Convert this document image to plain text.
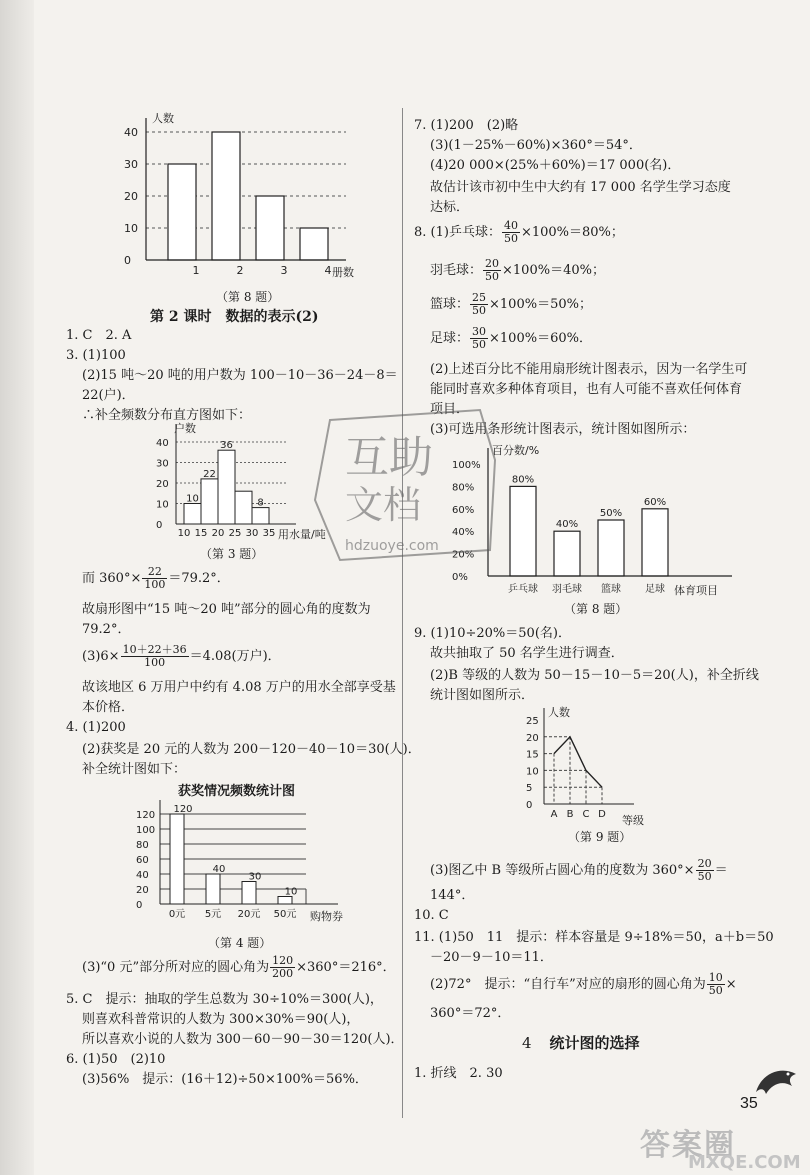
人数
册数
0
10
20
30
40
1	2	3	4
（第 8 题）
第 2 课时　数据的表示(2)
1. C　2. A
3. (1)100
(2)15 吨～20 吨的用户数为 100－10－36－24－8＝
22(户)．
∴补全频数分布直方图如下：
户数
用水量/吨
0
10
20
30
40
10
22
36
8
10 15 20 25 30 35
（第 3 题）
而 $360^\circ\times \frac{22}{100} =79.2^\circ$．
故扇形图中“15 吨～20 吨”部分的圆心角的度数为
79.2°．
$(3)6\times \frac{10+22+36}{100} =4.08$(万户)．
故该地区 6 万用户中约有 4.08 万户的用水全部享受基
本价格．
4. (1)200
(2)获奖是 20 元的人数为 200－120－40－10＝30(人)．
补全统计图如下：
获奖情况频数统计图
购物券
0
20
40
60
80
100
120
120
0元
40
5元
30
20元
10
50元
（第 4 题）
(3)“0 元”部分所对应的圆心角为 $\frac{120}{200} \times 360^\circ=216^\circ$．
5. C　提示：抽取的学生总数为 30÷10%＝300(人)，
则喜欢科普常识的人数为 300×30%＝90(人)，
所以喜欢小说的人数为 300－60－90－30＝120(人)．
6. (1)50　(2)10
(3)56%　提示：(16＋12)÷50×100%＝56%．
7. (1)200　(2)略
(3)(1－25%－60%)×360°＝54°．
(4)20 000×(25%＋60%)＝17 000(名)．
故估计该市初中生中大约有 17 000 名学生学习态度
达标．
8. (1)乒乓球： $\frac{40}{50} \times 100\%=80\%$；
羽毛球： $\frac{20}{50} \times 100\%=40\%$；
篮球： $\frac{25}{50} \times 100\%=50\%$；
足球： $\frac{30}{50} \times 100\%=60\%$．
(2)上述百分比不能用扇形统计图表示，因为一名学生可
能同时喜欢多种体育项目，也有人可能不喜欢任何体育
项目．
(3)可选用条形统计图表示，统计图如图所示：
百分数/%
体育项目
0%
20%
40%
60%
80%
100%
80%
乒乓球
40%
羽毛球
50%
篮球
60%
足球
（第 8 题）
9. (1)10÷20%＝50(名)．
故共抽取了 50 名学生进行调查．
(2)B 等级的人数为 50－15－10－5＝20(人)，补全折线
统计图如图所示．
人数
等级
0
5
10
15
20
25
A B C D
（第 9 题）
(3)图乙中 B 等级所占圆心角的度数为 $360^\circ\times \frac{20}{50}$ ＝
144°．
10. C
11. (1)50　11　提示：样本容量是 9÷18%＝50，a＋b＝50
－20－9－10＝11．
(2)72°　提示：“自行车”对应的扇形的圆心角为 $\frac{10}{50}$ ×
360°＝72°．
4 统计图的选择
1. 折线　2. 30
互助
文档
hdzuoye.com
35
答案圈
MXQE.COM
